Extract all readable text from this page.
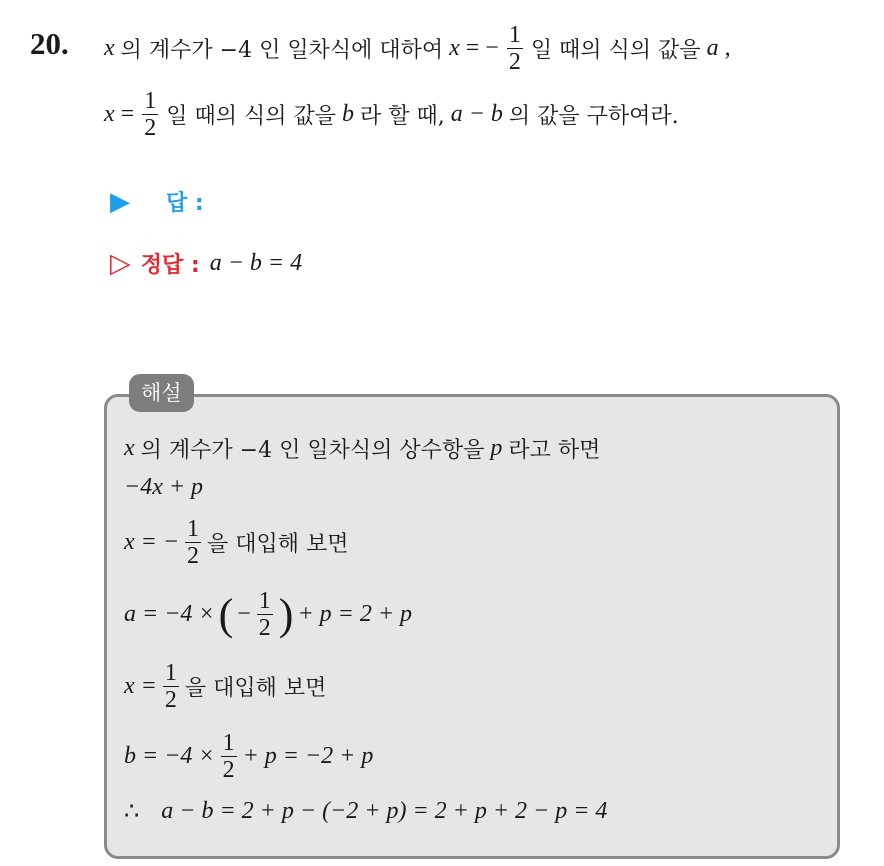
20. x 의 계수가 −4 인 일차식에 대하여 x = − $\frac{1}{2}$ 일 때의 식의 값을 a ,
$x = \frac{1}{2}$ 일 때의 식의 값을 b 라 할 때, a − b 의 값을 구하여라.
▶ 답 :
▷ 정답 : a − b = 4
해설
x 의 계수가 −4 인 일차식의 상수항을 p 라고 하면
−4x + p
x = − $\frac{1}{2}$ 을 대입해 보면
a = −4 × ( − $\frac{1}{2}$ ) + p = 2 + p
$x = \frac{1}{2}$ 을 대입해 보면
$b = -4 \times \frac{1}{2} + p = -2 + p$
∴ a − b = 2 + p − (−2 + p) = 2 + p + 2 − p = 4
